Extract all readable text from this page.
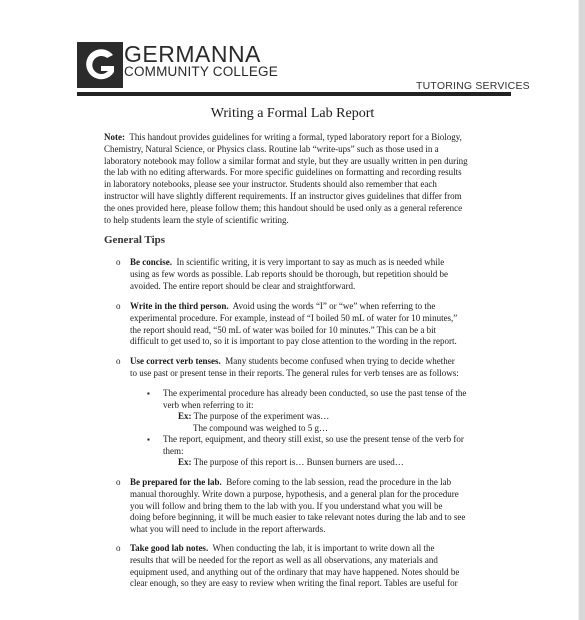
GERMANNA
COMMUNITY COLLEGE
TUTORING SERVICES
Writing a Formal Lab Report
Note: This handout provides guidelines for writing a formal, typed laboratory report for a Biology,
Chemistry, Natural Science, or Physics class. Routine lab “write-ups” such as those used in a
laboratory notebook may follow a similar format and style, but they are usually written in pen during
the lab with no editing afterwards. For more specific guidelines on formatting and recording results
in laboratory notebooks, please see your instructor. Students should also remember that each
instructor will have slightly different requirements. If an instructor gives guidelines that differ from
the ones provided here, please follow them; this handout should be used only as a general reference
to help students learn the style of scientific writing.
General Tips
o Be concise. In scientific writing, it is very important to say as much as is needed while
using as few words as possible. Lab reports should be thorough, but repetition should be
avoided. The entire report should be clear and straightforward.
o Write in the third person. Avoid using the words “I” or “we” when referring to the
experimental procedure. For example, instead of “I boiled 50 mL of water for 10 minutes,”
the report should read, “50 mL of water was boiled for 10 minutes.” This can be a bit
difficult to get used to, so it is important to pay close attention to the wording in the report.
o Use correct verb tenses. Many students become confused when trying to decide whether
to use past or present tense in their reports. The general rules for verb tenses are as follows:
▪ The experimental procedure has already been conducted, so use the past tense of the
verb when referring to it:
Ex: The purpose of the experiment was…
The compound was weighed to 5 g…
▪ The report, equipment, and theory still exist, so use the present tense of the verb for
them:
Ex: The purpose of this report is… Bunsen burners are used…
o Be prepared for the lab. Before coming to the lab session, read the procedure in the lab
manual thoroughly. Write down a purpose, hypothesis, and a general plan for the procedure
you will follow and bring them to the lab with you. If you understand what you will be
doing before beginning, it will be much easier to take relevant notes during the lab and to see
what you will need to include in the report afterwards.
o Take good lab notes. When conducting the lab, it is important to write down all the
results that will be needed for the report as well as all observations, any materials and
equipment used, and anything out of the ordinary that may have happened. Notes should be
clear enough, so they are easy to review when writing the final report. Tables are useful for
